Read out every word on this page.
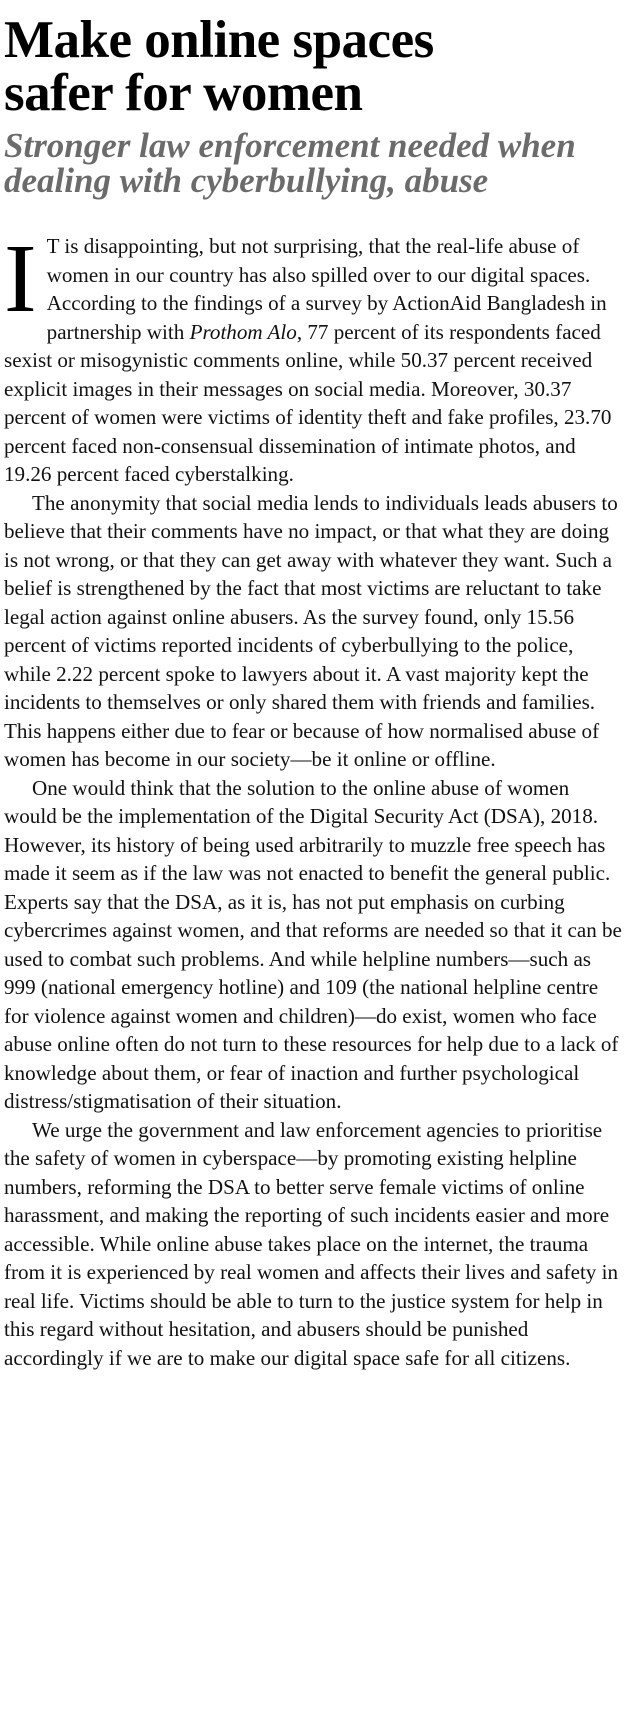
Make online spaces
safer for women
Stronger law enforcement needed when dealing with cyberbullying, abuse

I T is disappointing, but not surprising, that the real-life abuse of women in our country has also spilled over to our digital spaces. According to the findings of a survey by ActionAid Bangladesh in partnership with Prothom Alo, 77 percent of its respondents faced sexist or misogynistic comments online, while 50.37 percent received explicit images in their messages on social media. Moreover, 30.37 percent of women were victims of identity theft and fake profiles, 23.70 percent faced non-consensual dissemination of intimate photos, and 19.26 percent faced cyberstalking.

The anonymity that social media lends to individuals leads abusers to believe that their comments have no impact, or that what they are doing is not wrong, or that they can get away with whatever they want. Such a belief is strengthened by the fact that most victims are reluctant to take legal action against online abusers. As the survey found, only 15.56 percent of victims reported incidents of cyberbullying to the police, while 2.22 percent spoke to lawyers about it. A vast majority kept the incidents to themselves or only shared them with friends and families. This happens either due to fear or because of how normalised abuse of women has become in our society—be it online or offline.

One would think that the solution to the online abuse of women would be the implementation of the Digital Security Act (DSA), 2018. However, its history of being used arbitrarily to muzzle free speech has made it seem as if the law was not enacted to benefit the general public. Experts say that the DSA, as it is, has not put emphasis on curbing cybercrimes against women, and that reforms are needed so that it can be used to combat such problems. And while helpline numbers—such as 999 (national emergency hotline) and 109 (the national helpline centre for violence against women and children)—do exist, women who face abuse online often do not turn to these resources for help due to a lack of knowledge about them, or fear of inaction and further psychological distress/stigmatisation of their situation.

We urge the government and law enforcement agencies to prioritise the safety of women in cyberspace—by promoting existing helpline numbers, reforming the DSA to better serve female victims of online harassment, and making the reporting of such incidents easier and more accessible. While online abuse takes place on the internet, the trauma from it is experienced by real women and affects their lives and safety in real life. Victims should be able to turn to the justice system for help in this regard without hesitation, and abusers should be punished accordingly if we are to make our digital space safe for all citizens.
